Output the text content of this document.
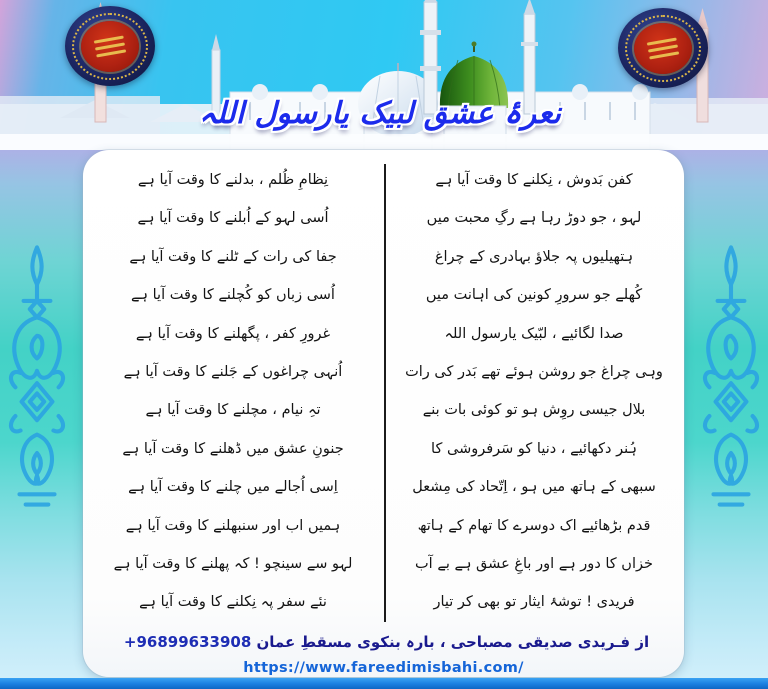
نعرۂ عشق لبیک یارسول اللہ
کفن بَدوش ، نِکلنے کا وقت آیا ہے
لہو ، جو دوڑ رہا ہے رگِ محبت میں
ہتھیلیوں پہ جلاؤ بہادری کے چراغ
کُھلے جو سرورِ کونین کی اہانت میں
صدا لگائیے ، لبّیک یارسول اللہ
وہی چراغ جو روشن ہوئے تھے بَدر کی رات
بلال جیسی روِش ہو تو کوئی بات بنے
ہُنر دکھائیے ، دنیا کو سَرفروشی کا
سبھی کے ہاتھ میں ہو ، اِتّحاد کی مِشعل
قدم بڑھائیے اک دوسرے کا تھام کے ہاتھ
خزاں کا دور ہے اور باغِ عشق ہے بے آب
فریدی ! توشۂ ایثار تو بھی کر تیار
نِظامِ ظُلم ، بدلنے کا وقت آیا ہے
اُسی لہو کے اُبلنے کا وقت آیا ہے
جفا کی رات کے ٹلنے کا وقت آیا ہے
اُسی زباں کو کُچلنے کا وقت آیا ہے
غرورِ کفر ، پگھلنے کا وقت آیا ہے
اُنہی چراغوں کے جَلنے کا وقت آیا ہے
تہِ نیام ، مچلنے کا وقت آیا ہے
جنونِ عشق میں ڈھلنے کا وقت آیا ہے
اِسی اُجالے میں چلنے کا وقت آیا ہے
ہمیں اب اور سنبھلنے کا وقت آیا ہے
لہو سے سینچو ! کہ پھلنے کا وقت آیا ہے
نئے سفر پہ نِکلنے کا وقت آیا ہے
از فـریدی صدیقی مصباحی ، بارہ بنکوی مسقطِ عمان +96899633908
https://www.fareedimisbahi.com/
